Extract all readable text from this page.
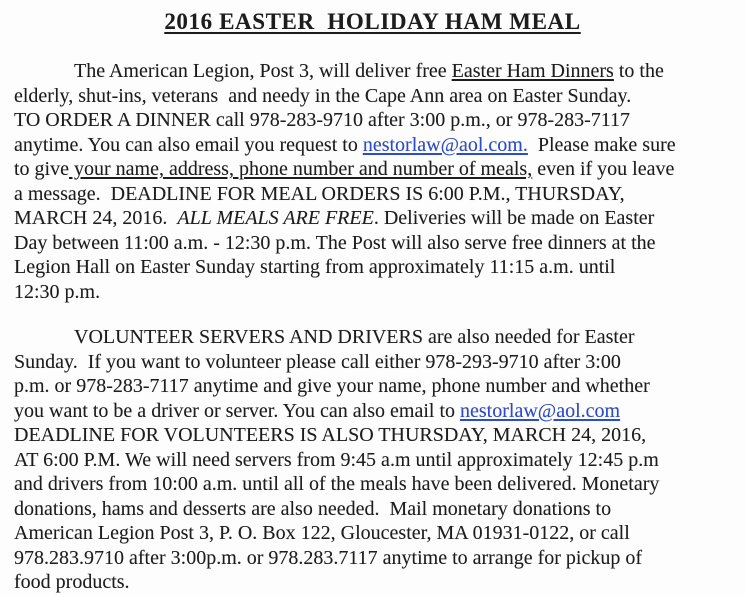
2016 EASTER  HOLIDAY HAM MEAL
The American Legion, Post 3, will deliver free Easter Ham Dinners to the
elderly, shut-ins, veterans  and needy in the Cape Ann area on Easter Sunday.
TO ORDER A DINNER call 978-283-9710 after 3:00 p.m., or 978-283-7117
anytime. You can also email you request to nestorlaw@aol.com.  Please make sure
to give your name, address, phone number and number of meals, even if you leave
a message.  DEADLINE FOR MEAL ORDERS IS 6:00 P.M., THURSDAY,
MARCH 24, 2016.  ALL MEALS ARE FREE. Deliveries will be made on Easter
Day between 11:00 a.m. - 12:30 p.m. The Post will also serve free dinners at the
Legion Hall on Easter Sunday starting from approximately 11:15 a.m. until
12:30 p.m.
VOLUNTEER SERVERS AND DRIVERS are also needed for Easter
Sunday.  If you want to volunteer please call either 978-293-9710 after 3:00
p.m. or 978-283-7117 anytime and give your name, phone number and whether
you want to be a driver or server. You can also email to nestorlaw@aol.com
DEADLINE FOR VOLUNTEERS IS ALSO THURSDAY, MARCH 24, 2016,
AT 6:00 P.M. We will need servers from 9:45 a.m until approximately 12:45 p.m
and drivers from 10:00 a.m. until all of the meals have been delivered. Monetary
donations, hams and desserts are also needed.  Mail monetary donations to
American Legion Post 3, P. O. Box 122, Gloucester, MA 01931-0122, or call
978.283.9710 after 3:00p.m. or 978.283.7117 anytime to arrange for pickup of
food products.
